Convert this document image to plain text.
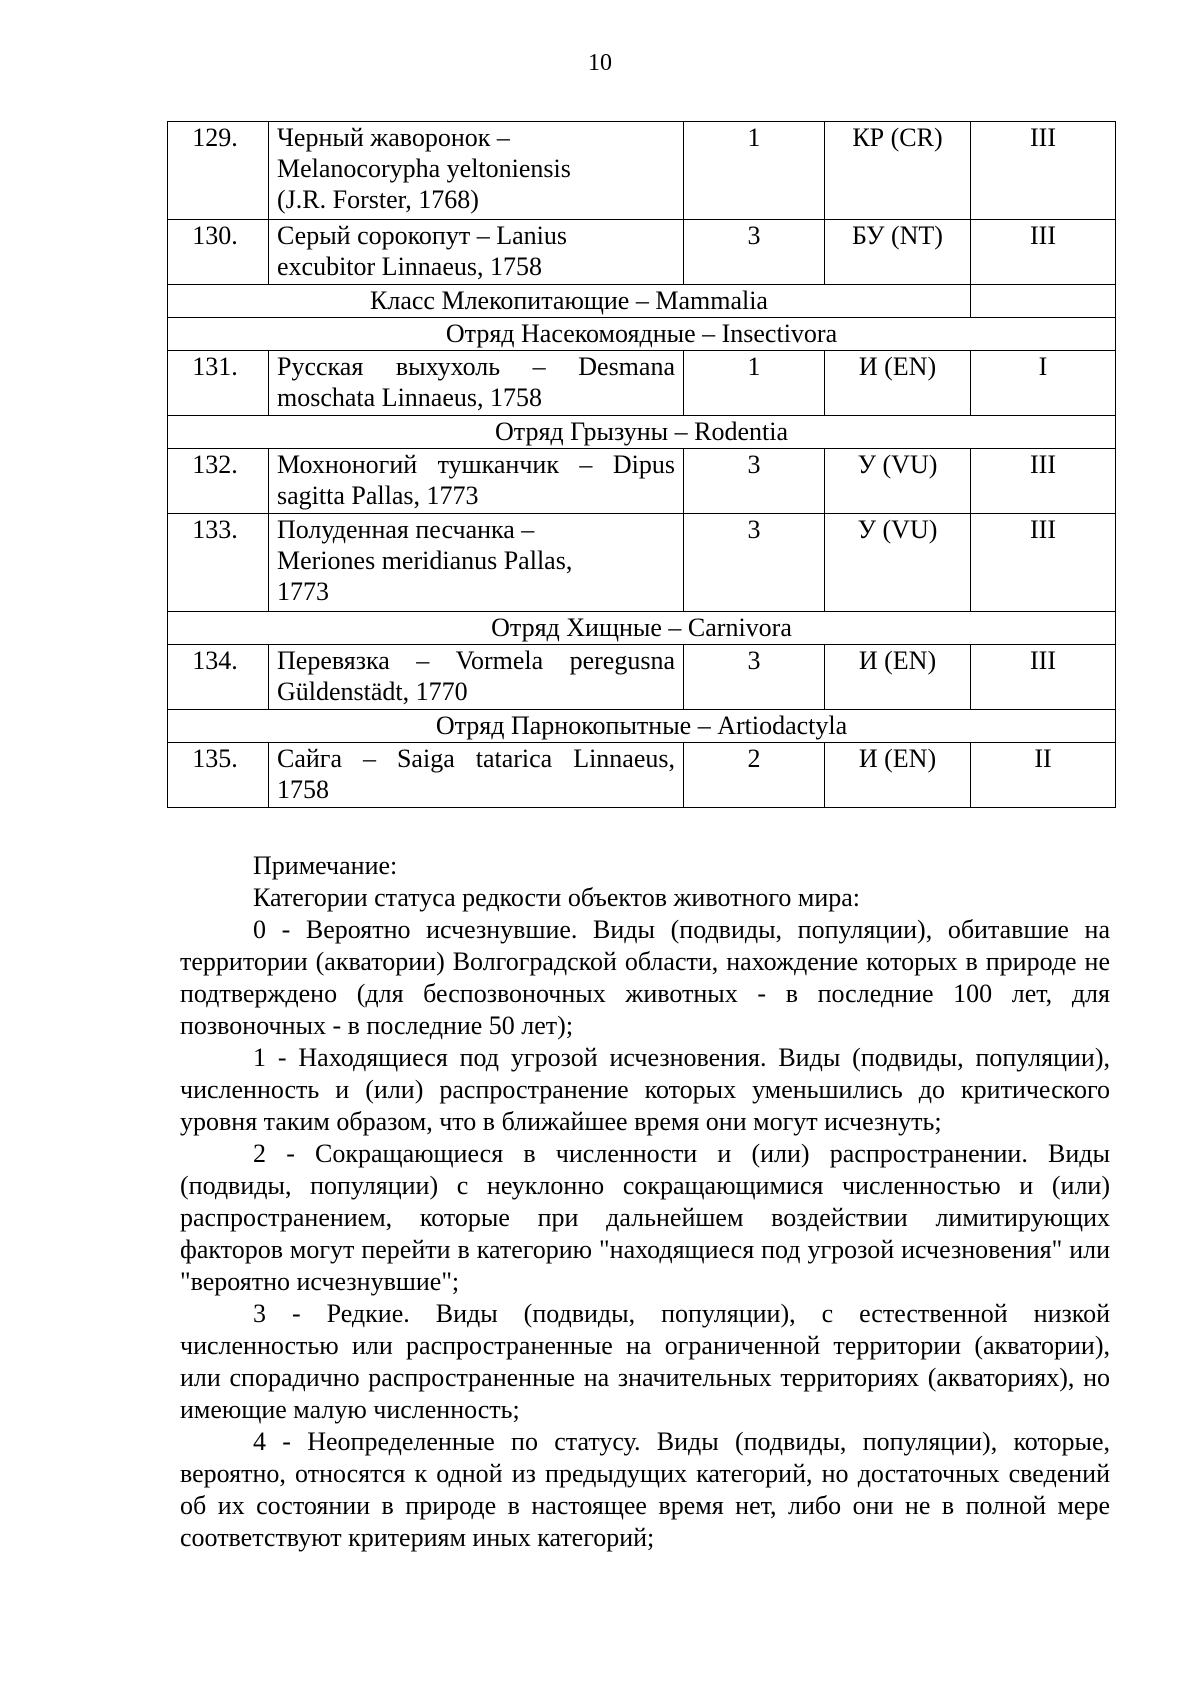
10
129.	Черный жаворонок – Melanocorypha yeltoniensis (J.R. Forster, 1768)	1	КР (CR)	III
130.	Серый сорокопут – Lanius excubitor Linnaeus, 1758	3	БУ (NT)	III
Класс Млекопитающие – Mammalia				
Отряд Насекомоядные – Insectivora				
131.	Русская выхухоль – Desmana moschata Linnaeus, 1758	1	И (EN)	I
Отряд Грызуны – Rodentia				
132.	Мохноногий тушканчик – Dipus sagitta Pallas, 1773	3	У (VU)	III
133.	Полуденная песчанка – Meriones meridianus Pallas, 1773	3	У (VU)	III
Отряд Хищные – Carnivora				
134.	Перевязка – Vormela peregusna Güldenstädt, 1770	3	И (EN)	III
Отряд Парнокопытные – Artiodactyla				
135.	Сайга – Saiga tatarica Linnaeus, 1758	2	И (EN)	II

Примечание:

Категории статуса редкости объектов животного мира:

0 - Вероятно исчезнувшие. Виды (подвиды, популяции), обитавшие на территории (акватории) Волгоградской области, нахождение которых в природе не подтверждено (для беспозвоночных животных - в последние 100 лет, для позвоночных - в последние 50 лет);

1 - Находящиеся под угрозой исчезновения. Виды (подвиды, популяции), численность и (или) распространение которых уменьшились до критического уровня таким образом, что в ближайшее время они могут исчезнуть;

2 - Сокращающиеся в численности и (или) распространении. Виды (подвиды, популяции) с неуклонно сокращающимися численностью и (или) распространением, которые при дальнейшем воздействии лимитирующих факторов могут перейти в категорию "находящиеся под угрозой исчезновения" или "вероятно исчезнувшие";

3 - Редкие. Виды (подвиды, популяции), с естественной низкой численностью или распространенные на ограниченной территории (акватории), или спорадично распространенные на значительных территориях (акваториях), но имеющие малую численность;

4 - Неопределенные по статусу. Виды (подвиды, популяции), которые, вероятно, относятся к одной из предыдущих категорий, но достаточных сведений об их состоянии в природе в настоящее время нет, либо они не в полной мере соответствуют критериям иных категорий;
